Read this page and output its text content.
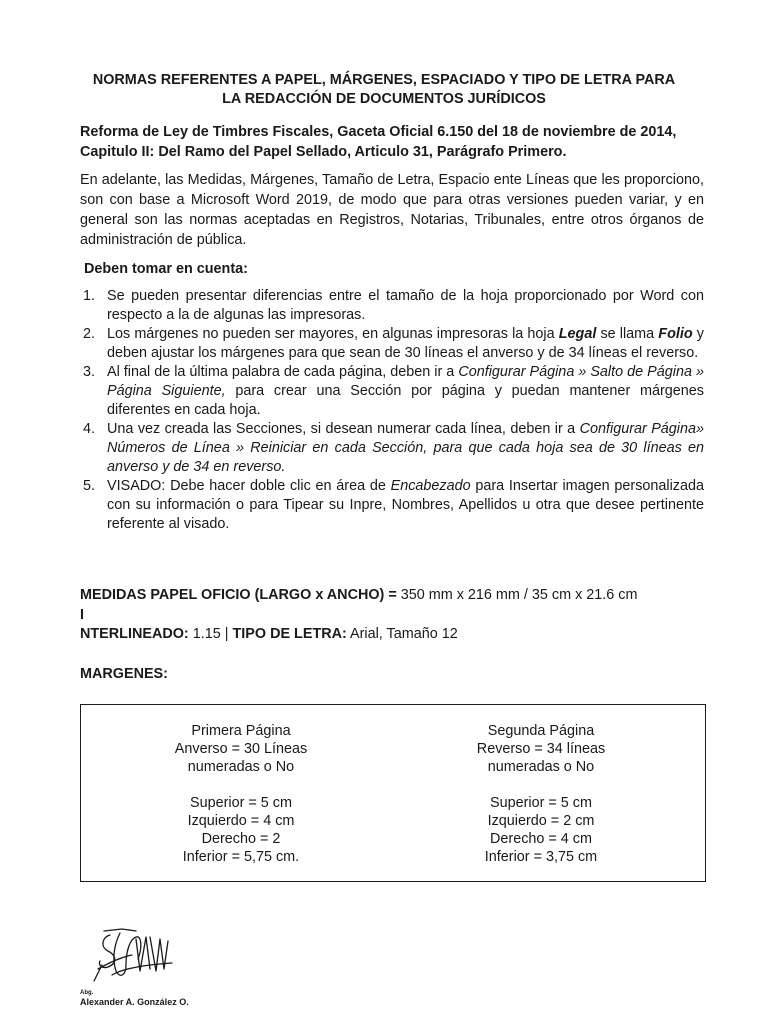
NORMAS REFERENTES A PAPEL, MÁRGENES, ESPACIADO Y TIPO DE LETRA PARA
LA REDACCIÓN DE DOCUMENTOS JURÍDICOS
Reforma de Ley de Timbres Fiscales, Gaceta Oficial 6.150 del 18 de noviembre de 2014, Capitulo II: Del Ramo del Papel Sellado, Articulo 31, Parágrafo Primero.
En adelante, las Medidas, Márgenes, Tamaño de Letra, Espacio ente Líneas que les proporciono, son con base a Microsoft Word 2019, de modo que para otras versiones pueden variar, y en general son las normas aceptadas en Registros, Notarias, Tribunales, entre otros órganos de administración de pública.
Deben tomar en cuenta:
1. Se pueden presentar diferencias entre el tamaño de la hoja proporcionado por Word con respecto a la de algunas las impresoras.
2. Los márgenes no pueden ser mayores, en algunas impresoras la hoja Legal se llama Folio y deben ajustar los márgenes para que sean de 30 líneas el anverso y de 34 líneas el reverso.
3. Al final de la última palabra de cada página, deben ir a Configurar Página » Salto de Página » Página Siguiente, para crear una Sección por página y puedan mantener márgenes diferentes en cada hoja.
4. Una vez creada las Secciones, si desean numerar cada línea, deben ir a Configurar Página» Números de Línea » Reiniciar en cada Sección, para que cada hoja sea de 30 líneas en anverso y de 34 en reverso.
5. VISADO: Debe hacer doble clic en área de Encabezado para Insertar imagen personalizada con su información o para Tipear su Inpre, Nombres, Apellidos u otra que desee pertinente referente al visado.
MEDIDAS PAPEL OFICIO (LARGO x ANCHO) = 350 mm x 216 mm / 35 cm x 21.6 cm
I
NTERLINEADO: 1.15 | TIPO DE LETRA: Arial, Tamaño 12
MARGENES:
Primera Página
Anverso = 30 Líneas
numeradas o No
Superior = 5 cm
Izquierdo = 4 cm
Derecho = 2
Inferior = 5,75 cm.
Segunda Página
Reverso = 34 líneas
numeradas o No
Superior = 5 cm
Izquierdo = 2 cm
Derecho = 4 cm
Inferior = 3,75 cm
Abg.
Alexander A. González O.
